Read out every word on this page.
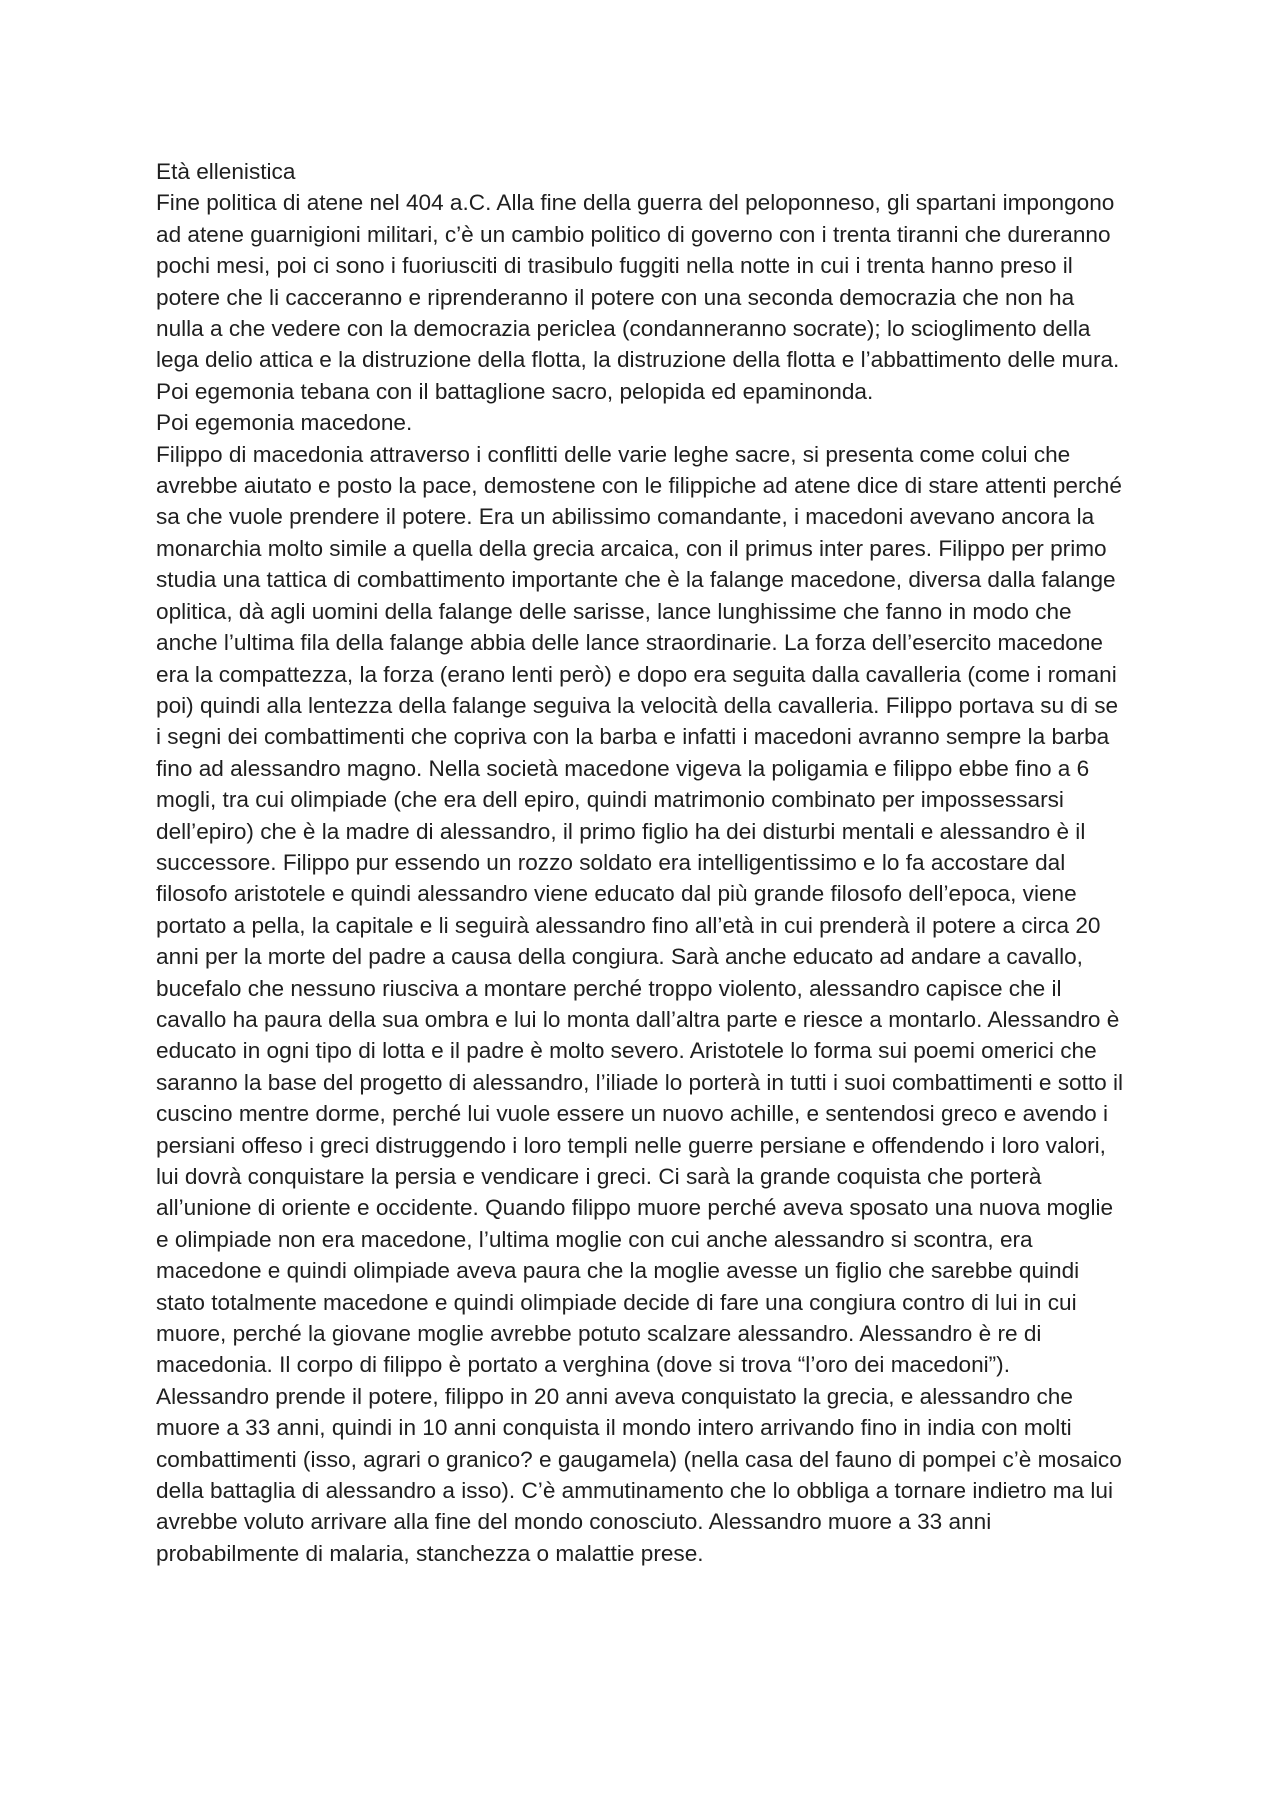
Età ellenistica

Fine politica di atene nel 404 a.C. Alla fine della guerra del peloponneso, gli spartani impongono ad atene guarnigioni militari, c’è un cambio politico di governo con i trenta tiranni che dureranno pochi mesi, poi ci sono i fuoriusciti di trasibulo fuggiti nella notte in cui i trenta hanno preso il potere che li cacceranno e riprenderanno il potere con una seconda democrazia che non ha nulla a che vedere con la democrazia periclea (condanneranno socrate); lo scioglimento della lega delio attica e la distruzione della flotta, la distruzione della flotta e l’abbattimento delle mura.

Poi egemonia tebana con il battaglione sacro, pelopida ed epaminonda.

Poi egemonia macedone.

Filippo di macedonia attraverso i conflitti delle varie leghe sacre, si presenta come colui che avrebbe aiutato e posto la pace, demostene con le filippiche ad atene dice di stare attenti perché sa che vuole prendere il potere. Era un abilissimo comandante, i macedoni avevano ancora la monarchia molto simile a quella della grecia arcaica, con il primus inter pares. Filippo per primo studia una tattica di combattimento importante che è la falange macedone, diversa dalla falange oplitica, dà agli uomini della falange delle sarisse, lance lunghissime che fanno in modo che anche l’ultima fila della falange abbia delle lance straordinarie. La forza dell’esercito macedone era la compattezza, la forza (erano lenti però) e dopo era seguita dalla cavalleria (come i romani poi) quindi alla lentezza della falange seguiva la velocità della cavalleria. Filippo portava su di se i segni dei combattimenti che copriva con la barba e infatti i macedoni avranno sempre la barba fino ad alessandro magno. Nella società macedone vigeva la poligamia e filippo ebbe fino a 6 mogli, tra cui olimpiade (che era dell epiro, quindi matrimonio combinato per impossessarsi dell’epiro) che è la madre di alessandro, il primo figlio ha dei disturbi mentali e alessandro è il successore. Filippo pur essendo un rozzo soldato era intelligentissimo e lo fa accostare dal filosofo aristotele e quindi alessandro viene educato dal più grande filosofo dell’epoca, viene portato a pella, la capitale e li seguirà alessandro fino all’età in cui prenderà il potere a circa 20 anni per la morte del padre a causa della congiura. Sarà anche educato ad andare a cavallo, bucefalo che nessuno riusciva a montare perché troppo violento, alessandro capisce che il cavallo ha paura della sua ombra e lui lo monta dall’altra parte e riesce a montarlo. Alessandro è educato in ogni tipo di lotta e il padre è molto severo. Aristotele lo forma sui poemi omerici che saranno la base del progetto di alessandro, l’iliade lo porterà in tutti i suoi combattimenti e sotto il cuscino mentre dorme, perché lui vuole essere un nuovo achille, e sentendosi greco e avendo i persiani offeso i greci distruggendo i loro templi nelle guerre persiane e offendendo i loro valori, lui dovrà conquistare la persia e vendicare i greci. Ci sarà la grande coquista che porterà all’unione di oriente e occidente. Quando filippo muore perché aveva sposato una nuova moglie e olimpiade non era macedone, l’ultima moglie con cui anche alessandro si scontra, era macedone e quindi olimpiade aveva paura che la moglie avesse un figlio che sarebbe quindi stato totalmente macedone e quindi olimpiade decide di fare una congiura contro di lui in cui muore, perché la giovane moglie avrebbe potuto scalzare alessandro. Alessandro è re di macedonia. Il corpo di filippo è portato a verghina (dove si trova “l’oro dei macedoni”). Alessandro prende il potere, filippo in 20 anni aveva conquistato la grecia, e alessandro che muore a 33 anni, quindi in 10 anni conquista il mondo intero arrivando fino in india con molti combattimenti (isso, agrari o granico? e gaugamela) (nella casa del fauno di pompei c’è mosaico della battaglia di alessandro a isso). C’è ammutinamento che lo obbliga a tornare indietro ma lui avrebbe voluto arrivare alla fine del mondo conosciuto. Alessandro muore a 33 anni probabilmente di malaria, stanchezza o malattie prese.
